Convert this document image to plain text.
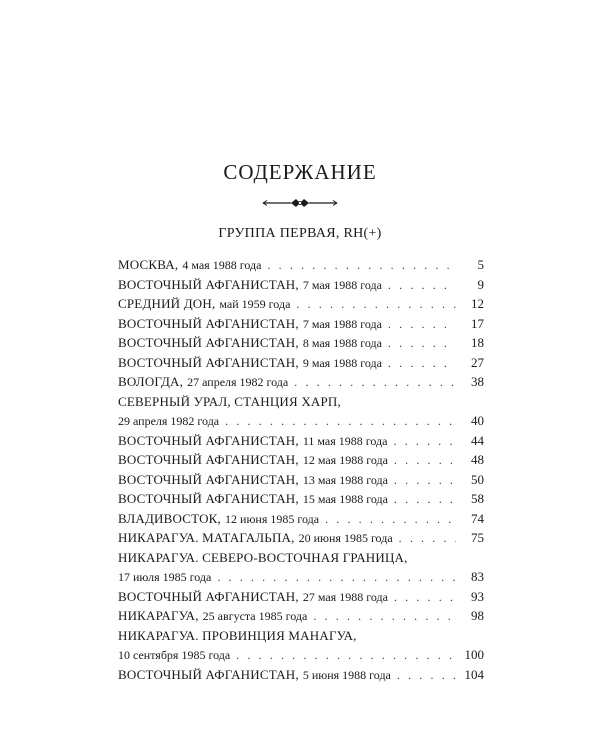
СОДЕРЖАНИЕ
ГРУППА ПЕРВАЯ, RH(+)
МОСКВА, 4 мая 1988 года . . .	5
ВОСТОЧНЫЙ АФГАНИСТАН, 7 мая 1988 года . . .	9
СРЕДНИЙ ДОН, май 1959 года . . .	12
ВОСТОЧНЫЙ АФГАНИСТАН, 7 мая 1988 года . . .	17
ВОСТОЧНЫЙ АФГАНИСТАН, 8 мая 1988 года . . .	18
ВОСТОЧНЫЙ АФГАНИСТАН, 9 мая 1988 года . . .	27
ВОЛОГДА, 27 апреля 1982 года . . .	38
СЕВЕРНЫЙ УРАЛ, СТАНЦИЯ ХАРП,
29 апреля 1982 года . . .	40
ВОСТОЧНЫЙ АФГАНИСТАН, 11 мая 1988 года . . .	44
ВОСТОЧНЫЙ АФГАНИСТАН, 12 мая 1988 года . . .	48
ВОСТОЧНЫЙ АФГАНИСТАН, 13 мая 1988 года . . .	50
ВОСТОЧНЫЙ АФГАНИСТАН, 15 мая 1988 года . . .	58
ВЛАДИВОСТОК, 12 июня 1985 года . . .	74
НИКАРАГУА. МАТАГАЛЬПА, 20 июня 1985 года . . .	75
НИКАРАГУА. СЕВЕРО-ВОСТОЧНАЯ ГРАНИЦА,
17 июля 1985 года . . .	83
ВОСТОЧНЫЙ АФГАНИСТАН, 27 мая 1988 года . . .	93
НИКАРАГУА, 25 августа 1985 года . . .	98
НИКАРАГУА. ПРОВИНЦИЯ МАНАГУА,
10 сентября 1985 года . . .	100
ВОСТОЧНЫЙ АФГАНИСТАН, 5 июня 1988 года . . .	104
